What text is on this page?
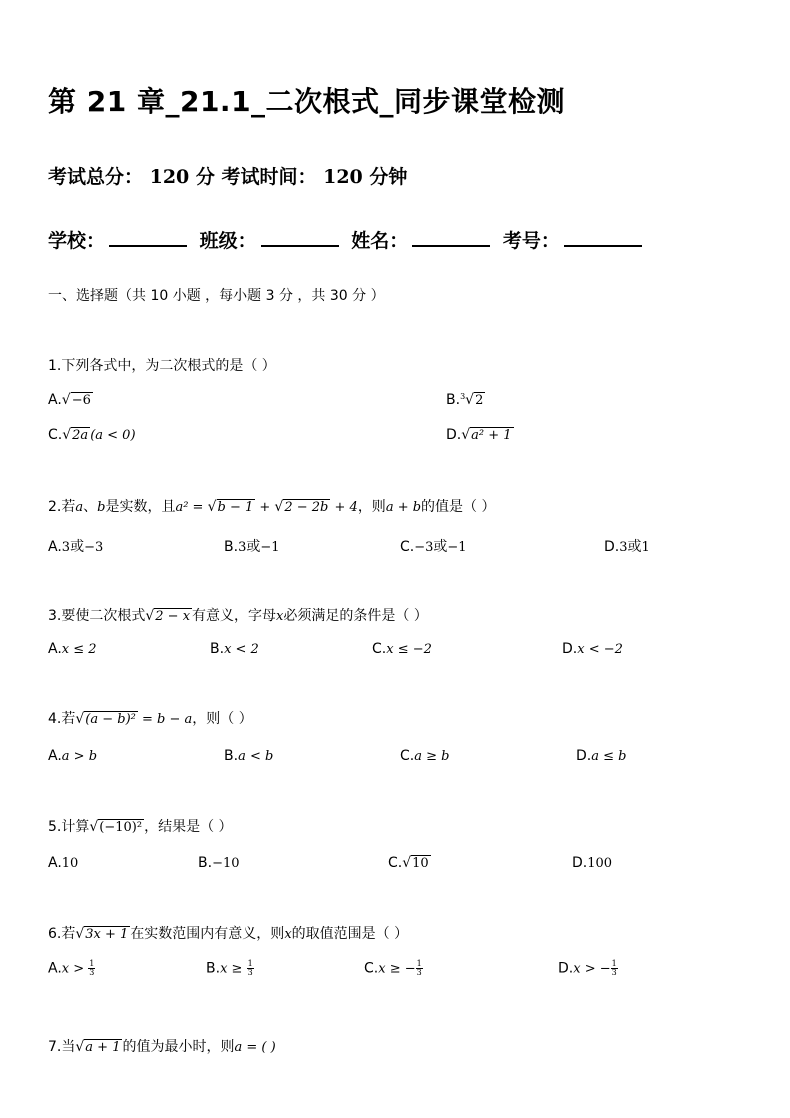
第 21 章_21.1_二次根式_同步课堂检测
考试总分： 120 分 考试时间： 120 分钟
学校：	班级：	姓名：	考号：
一、选择题（共 10 小题 ，每小题 3 分 ，共 30 分 ）
1.下列各式中，为二次根式的是（ ）
A.√−6	B.$^3$√2
C.√2a (a < 0)	D.√a² + 1
2.若a、b是实数，且a² = √b − 1 + √2 − 2b + 4，则a + b的值是（ ）
A.3或−3	B.3或−1	C.−3或−1	D.3或1
3.要使二次根式√2 − x 有意义，字母x必须满足的条件是（ ）
A.x ≤ 2	B.x < 2	C.x ≤ −2	D.x < −2
4.若√(a − b)² = b − a，则（ ）
A.a > b	B.a < b	C.a ≥ b	D.a ≤ b
5.计算√(−10)² ，结果是（ ）
A.10	B.−10	C.√10	D.100
6.若√3x + 1 在实数范围内有意义，则x的取值范围是（ ）
$A.x > \frac{1}{3}$	$B.x \ge \frac{1}{3}$	C.x ≥ − $\frac{1}{3}$	D.x > − $\frac{1}{3}$
7.当√a + 1 的值为最小时，则a = ( )
